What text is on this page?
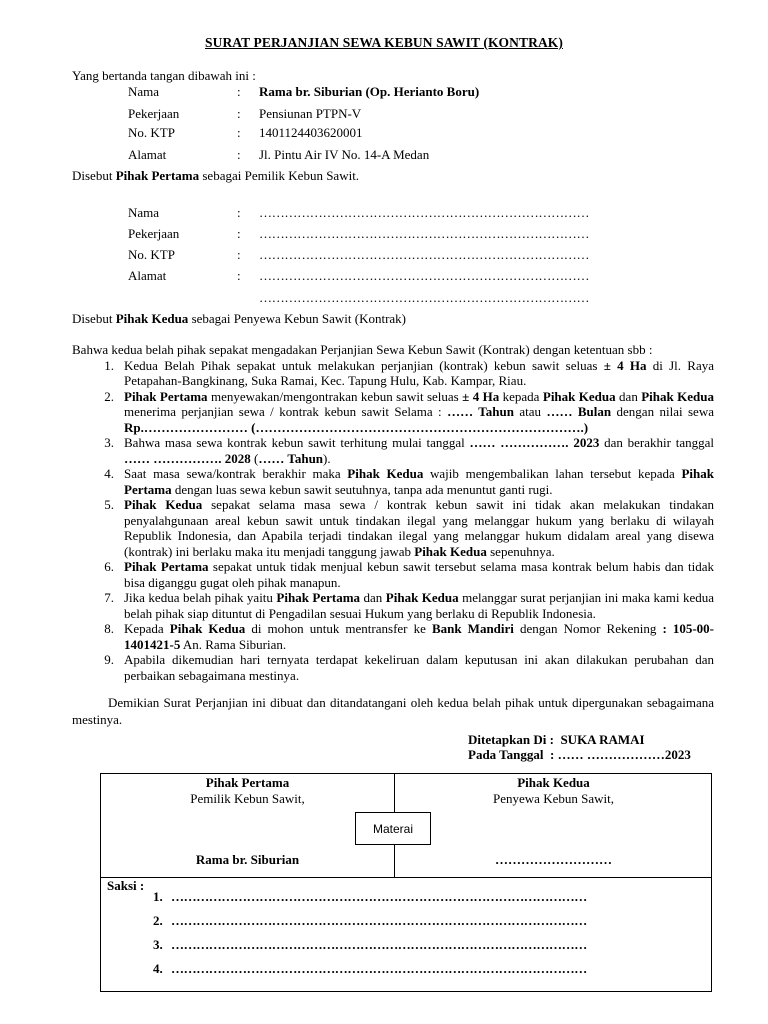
SURAT PERJANJIAN SEWA KEBUN SAWIT (KONTRAK)
Yang bertanda tangan dibawah ini :
Nama	: Rama br. Siburian (Op. Herianto Boru)
Pekerjaan	: Pensiunan PTPN-V
No. KTP	: 1401124403620001
Alamat	: Jl. Pintu Air IV No. 14-A Medan
Disebut Pihak Pertama sebagai Pemilik Kebun Sawit.
Nama	: ……………………………………………………………………
Pekerjaan	: ……………………………………………………………………
No. KTP	: ……………………………………………………………………
Alamat	: ……………………………………………………………………
……………………………………………………………………
Disebut Pihak Kedua sebagai Penyewa Kebun Sawit (Kontrak)

Bahwa kedua belah pihak sepakat mengadakan Perjanjian Sewa Kebun Sawit (Kontrak) dengan ketentuan sbb :

1. Kedua Belah Pihak sepakat untuk melakukan perjanjian (kontrak) kebun sawit seluas ± 4 Ha di Jl. Raya Petapahan-Bangkinang, Suka Ramai, Kec. Tapung Hulu, Kab. Kampar, Riau.
2. Pihak Pertama menyewakan/mengontrakan kebun sawit seluas ± 4 Ha kepada Pihak Kedua dan Pihak Kedua menerima perjanjian sewa / kontrak kebun sawit Selama : …… Tahun atau …… Bulan dengan nilai sewa Rp.…………………… (………………………………………………………………….)
3. Bahwa masa sewa kontrak kebun sawit terhitung mulai tanggal …… ……………. 2023 dan berakhir tanggal …… ……………. 2028 (…… Tahun).
4. Saat masa sewa/kontrak berakhir maka Pihak Kedua wajib mengembalikan lahan tersebut kepada Pihak Pertama dengan luas sewa kebun sawit seutuhnya, tanpa ada menuntut ganti rugi.
5. Pihak Kedua sepakat selama masa sewa / kontrak kebun sawit ini tidak akan melakukan tindakan penyalahgunaan areal kebun sawit untuk tindakan ilegal yang melanggar hukum yang berlaku di wilayah Republik Indonesia, dan Apabila terjadi tindakan ilegal yang melanggar hukum didalam areal yang disewa (kontrak) ini berlaku maka itu menjadi tanggung jawab Pihak Kedua sepenuhnya.
6. Pihak Pertama sepakat untuk tidak menjual kebun sawit tersebut selama masa kontrak belum habis dan tidak bisa diganggu gugat oleh pihak manapun.
7. Jika kedua belah pihak yaitu Pihak Pertama dan Pihak Kedua melanggar surat perjanjian ini maka kami kedua belah pihak siap dituntut di Pengadilan sesuai Hukum yang berlaku di Republik Indonesia.
8. Kepada Pihak Kedua di mohon untuk mentransfer ke Bank Mandiri dengan Nomor Rekening : 105-00-1401421-5 An. Rama Siburian.
9. Apabila dikemudian hari ternyata terdapat kekeliruan dalam keputusan ini akan dilakukan perubahan dan perbaikan sebagaimana mestinya.
Demikian Surat Perjanjian ini dibuat dan ditandatangani oleh kedua belah pihak untuk dipergunakan sebagaimana mestinya.
Ditetapkan Di : SUKA RAMAI
Pada Tanggal : …… ………………2023
Pihak Pertama
Pemilik Kebun Sawit,
Rama br. Siburian
Pihak Kedua
Penyewa Kebun Sawit,
………………………
Materai
Saksi :
1. ………………………………………………………………………………………
2. ………………………………………………………………………………………
3. ………………………………………………………………………………………
4. ………………………………………………………………………………………
